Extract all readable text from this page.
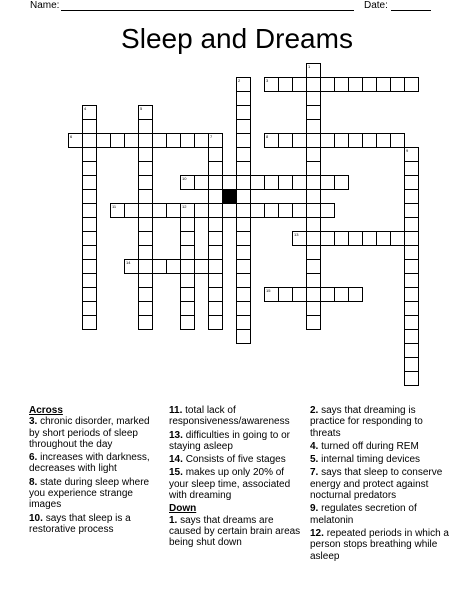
Name:	Date:
Sleep and Dreams
3
6	8
10
11	12
13
14
15
1
2
4	5
7
9
Across
3. chronic disorder, marked by short periods of sleep throughout the day
6. increases with darkness, decreases with light
8. state during sleep where you experience strange images
10. says that sleep is a restorative process
11. total lack of responsiveness/awareness
13. difficulties in going to or staying asleep
14. Consists of five stages
15. makes up only 20% of your sleep time, associated with dreaming
Down
1. says that dreams are caused by certain brain areas being shut down
2. says that dreaming is practice for responding to threats
4. turned off during REM
5. internal timing devices
7. says that sleep to conserve energy and protect against nocturnal predators
9. regulates secretion of melatonin
12. repeated periods in which a person stops breathing while asleep
